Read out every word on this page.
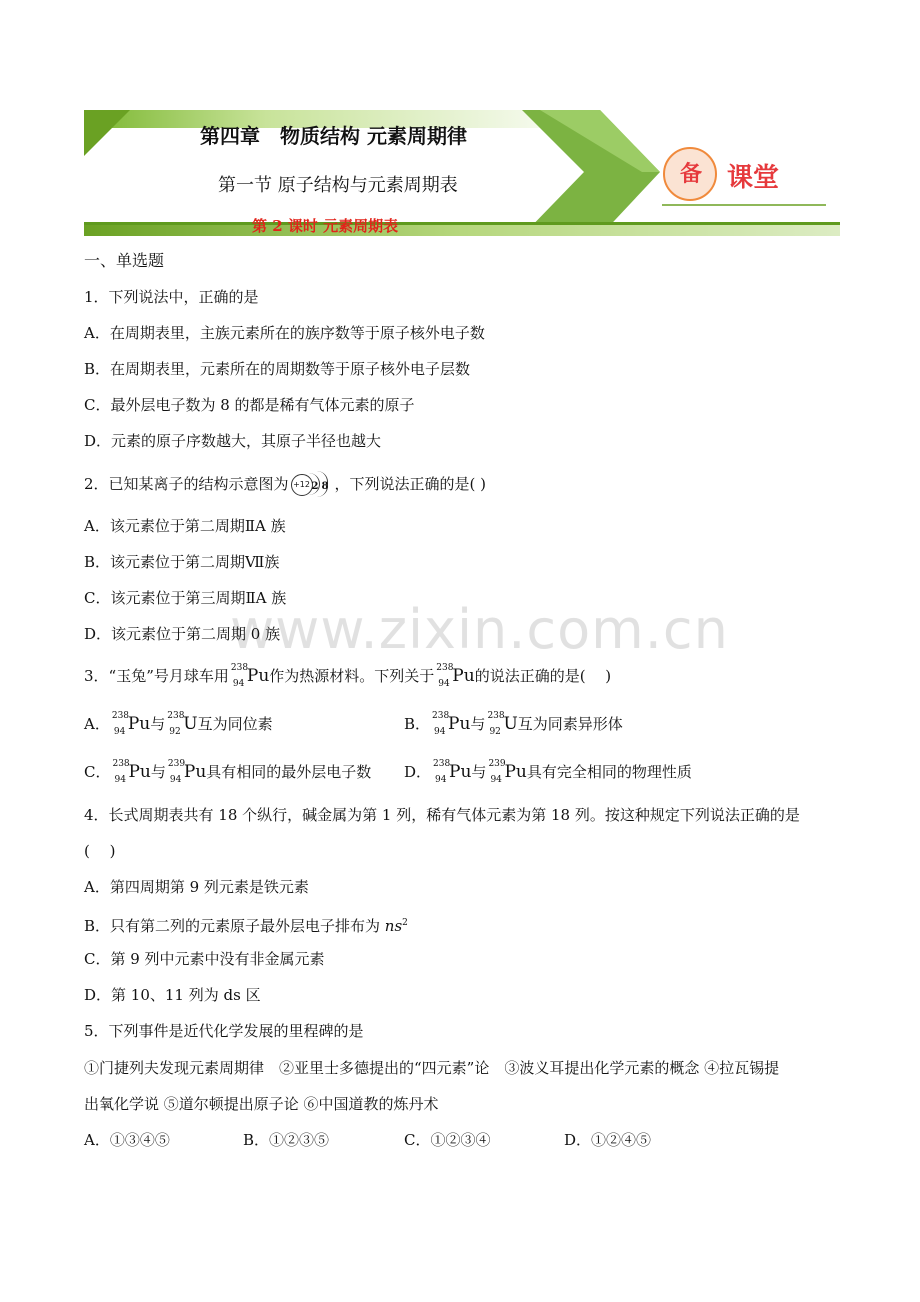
第四章　物质结构 元素周期律
第一节 原子结构与元素周期表
第 2 课时 元素周期表
备 课堂
www.zixin.com.cn
一、单选题
1．下列说法中，正确的是
A．在周期表里，主族元素所在的族序数等于原子核外电子数
B．在周期表里，元素所在的周期数等于原子核外电子层数
C．最外层电子数为 8 的都是稀有气体元素的原子
D．元素的原子序数越大，其原子半径也越大
2．已知某离子的结构示意图为 +12 2 8 ，下列说法正确的是( )
A．该元素位于第二周期ⅡA 族
B．该元素位于第二周期Ⅶ族
C．该元素位于第三周期ⅡA 族
D．该元素位于第二周期 0 族
3．“玉兔”号月球车用 238
94 Pu作为热源材料。下列关于 238
94 Pu的说法正确的是(　 )
A． 238
94 Pu与 238
92 U互为同位素	B． 238
94 Pu与 238
92 U互为同素异形体
C． 238
94 Pu与 239
94 Pu具有相同的最外层电子数 D． 238
94 Pu与 239
94 Pu具有完全相同的物理性质
4．长式周期表共有 18 个纵行，碱金属为第 1 列，稀有气体元素为第 18 列。按这种规定下列说法正确的是
(　 )
A．第四周期第 9 列元素是铁元素
B．只有第二列的元素原子最外层电子排布为 $ns^2$
C．第 9 列中元素中没有非金属元素
D．第 10、11 列为 ds 区
5．下列事件是近代化学发展的里程碑的是
①门捷列夫发现元素周期律　②亚里士多德提出的“四元素”论　③波义耳提出化学元素的概念 ④拉瓦锡提
出氧化学说 ⑤道尔顿提出原子论 ⑥中国道教的炼丹术
A．①③④⑤	B．①②③⑤	C．①②③④	D．①②④⑤
